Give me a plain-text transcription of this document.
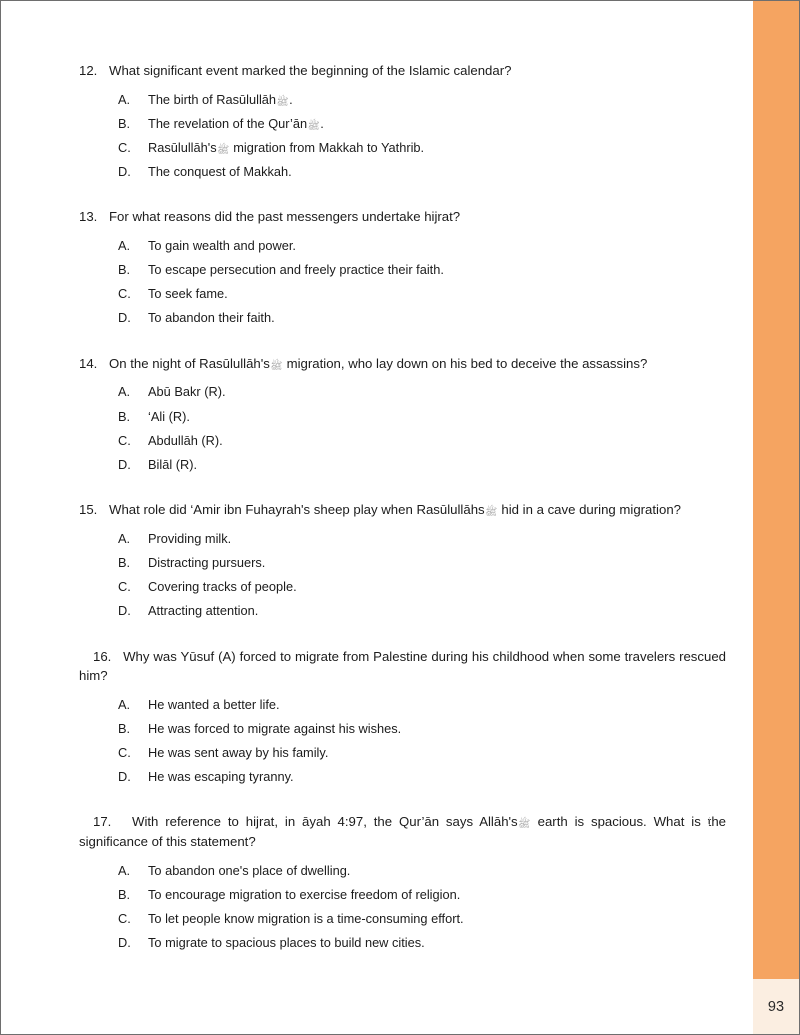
12. What significant event marked the beginning of the Islamic calendar?
A.	The birth of Rasūlullāhﷺ.
B.	The revelation of the Qur’ānﷺ.
C.	Rasūlullāh'sﷺ migration from Makkah to Yathrib.
D.	The conquest of Makkah.
13. For what reasons did the past messengers undertake hijrat?
A.	To gain wealth and power.
B.	To escape persecution and freely practice their faith.
C.	To seek fame.
D.	To abandon their faith.
14. On the night of Rasūlullāh'sﷺ migration, who lay down on his bed to deceive the assassins?
A.	Abū Bakr (R).
B.	‘Ali (R).
C.	Abdullāh (R).
D.	Bilāl (R).
15. What role did ‘Amir ibn Fuhayrah's sheep play when Rasūlullāhsﷺ hid in a cave during migration?
A.	Providing milk.
B.	Distracting pursuers.
C.	Covering tracks of people.
D.	Attracting attention.
16. Why was Yūsuf (A) forced to migrate from Palestine during his childhood when some travelers rescued him?
A.	He wanted a better life.
B.	He was forced to migrate against his wishes.
C.	He was sent away by his family.
D.	He was escaping tyranny.
17. With reference to hijrat, in āyah 4:97, the Qur’ān says Allāh'sﷺ earth is spacious. What is the significance of this statement?
A.	To abandon one's place of dwelling.
B.	To encourage migration to exercise freedom of religion.
C.	To let people know migration is a time-consuming effort.
D.	To migrate to spacious places to build new cities.
Teachings of Hijrat ● Chapter - 19
93
